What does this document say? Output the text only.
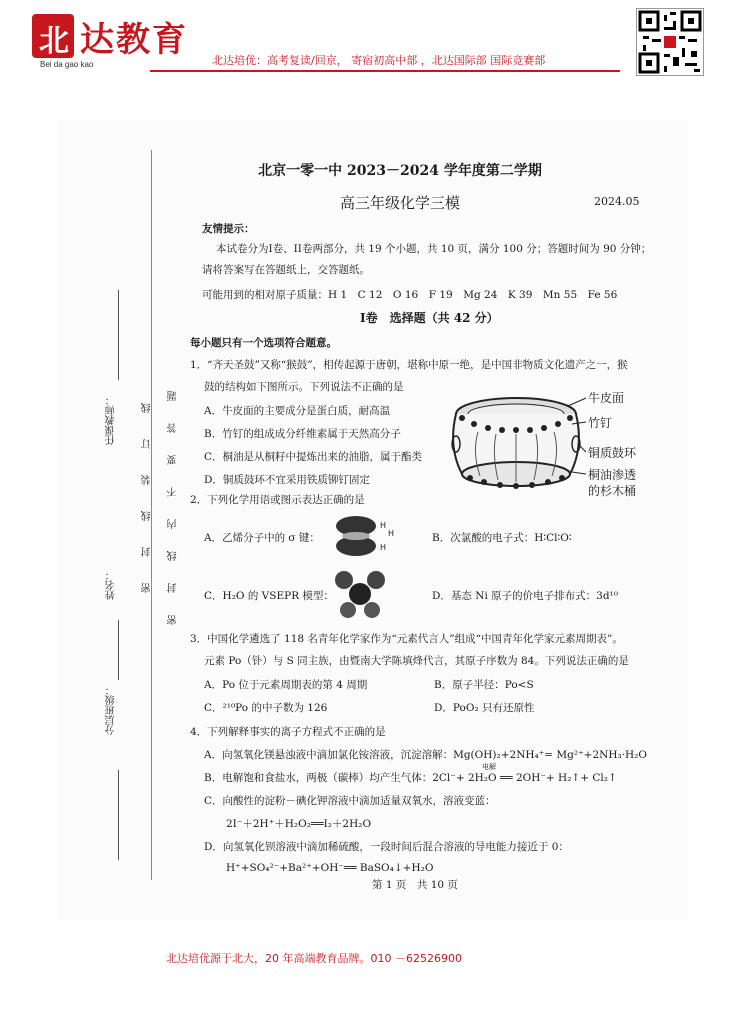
北 达教育
Bei da gao kao	北达培优：高考复读/回京， 寄宿初高中部 ，北达国际部 国际竞赛部
任课教师：
姓名：
分层班级：
密　封　线　内　不　要　答　题
密　封　线　装　订　线
北京一零一中 2023－2024 学年度第二学期
高三年级化学三模	2024.05
友情提示：
本试卷分为I卷、II卷两部分，共 19 个小题，共 10 页，满分 100 分；答题时间为 90 分钟；
请将答案写在答题纸上，交答题纸。
可能用到的相对原子质量：H 1　C 12　O 16　F 19　Mg 24　K 39　Mn 55　Fe 56
I卷　选择题（共 42 分）
每小题只有一个选项符合题意。
1．“齐天圣鼓”又称“猴鼓”，相传起源于唐朝，堪称中原一绝，是中国非物质文化遗产之一，猴
鼓的结构如下图所示。下列说法不正确的是
A．牛皮面的主要成分是蛋白质，耐高温
B．竹钉的组成成分纤维素属于天然高分子
C．桐油是从桐籽中提炼出来的油脂，属于酯类
D．铜质鼓环不宜采用铁质铆钉固定
牛皮面
竹钉
铜质鼓环
桐油渗透
的杉木桶
2．下列化学用语或图示表达正确的是
A．乙烯分子中的 σ 键：
H
H
H	B．次氯酸的电子式：H∶Cl∶O∶
C．H₂O 的 VSEPR 模型：	D．基态 Ni 原子的价电子排布式：3d¹⁰
3．中国化学遴选了 118 名青年化学家作为“元素代言人”组成“中国青年化学家元素周期表”。
元素 Po（钋）与 S 同主族，由暨南大学陈填烽代言，其原子序数为 84。下列说法正确的是
A．Po 位于元素周期表的第 4 周期	B．原子半径：Po<S
C．²¹⁰Po 的中子数为 126	D．PoO₂ 只有还原性
4．下列解释事实的离子方程式不正确的是
A．向氢氧化镁悬浊液中滴加氯化铵溶液，沉淀溶解：Mg(OH)₂+2NH₄⁺= Mg²⁺+2NH₃·H₂O
电解
B．电解饱和食盐水，两极（碳棒）均产生气体：2Cl⁻+ 2H₂O ══ 2OH⁻+ H₂↑+ Cl₂↑
C．向酸性的淀粉－碘化钾溶液中滴加适量双氧水，溶液变蓝：
2I⁻＋2H⁺＋H₂O₂══I₂＋2H₂O
D．向氢氧化钡溶液中滴加稀硫酸，一段时间后混合溶液的导电能力接近于 0：
H⁺+SO₄²⁻+Ba²⁺+OH⁻══ BaSO₄↓+H₂O
第 1 页　共 10 页
北达培优源于北大，20 年高端教育品牌。010 －62526900
